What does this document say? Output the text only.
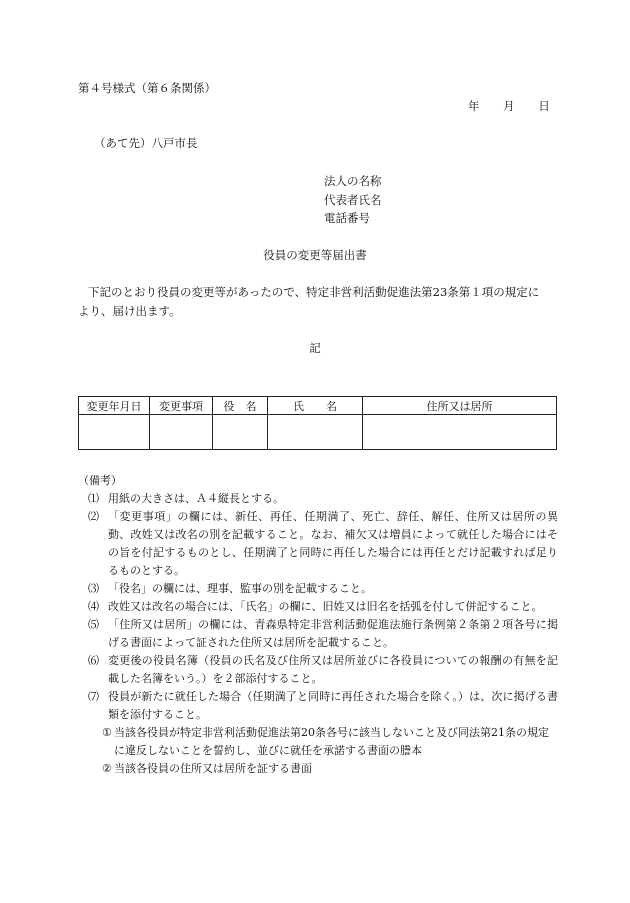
第４号様式（第６条関係）
年 月 日
（あて先）八戸市長
法人の名称
代表者氏名
電話番号
役員の変更等届出書
下記のとおり役員の変更等があったので、特定非営利活動促進法第23条第１項の規定に
より、届け出ます。
記
変更年月日	変更事項	役　名	氏　　名	住所又は居所

（備考）
⑴ 用紙の大きさは、Ａ４縦長とする。
⑵ 「変更事項」の欄には、新任、再任、任期満了、死亡、辞任、解任、住所又は居所の異動、改姓又は改名の別を記載すること。なお、補欠又は増員によって就任した場合にはその旨を付記するものとし、任期満了と同時に再任した場合には再任とだけ記載すれば足りるものとする。
⑶ 「役名」の欄には、理事、監事の別を記載すること。
⑷ 改姓又は改名の場合には、「氏名」の欄に、旧姓又は旧名を括弧を付して併記すること。
⑸ 「住所又は居所」の欄には、青森県特定非営利活動促進法施行条例第２条第２項各号に掲げる書面によって証された住所又は居所を記載すること。
⑹ 変更後の役員名簿（役員の氏名及び住所又は居所並びに各役員についての報酬の有無を記載した名簿をいう。）を２部添付すること。
⑺ 役員が新たに就任した場合（任期満了と同時に再任された場合を除く。）は、次に掲げる書類を添付すること。
① 当該各役員が特定非営利活動促進法第20条各号に該当しないこと及び同法第21条の規定に違反しないことを誓約し、並びに就任を承諾する書面の謄本
② 当該各役員の住所又は居所を証する書面
